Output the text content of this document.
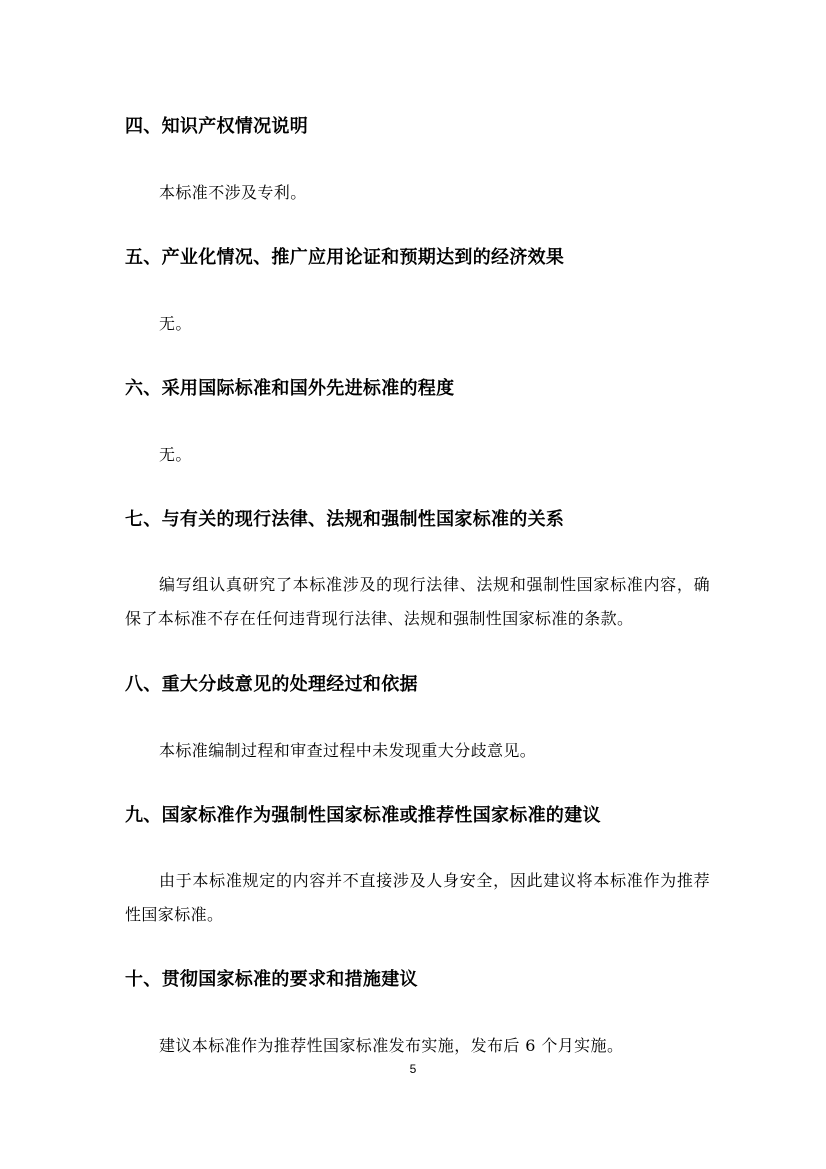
四、知识产权情况说明
本标准不涉及专利。
五、产业化情况、推广应用论证和预期达到的经济效果
无。
六、采用国际标准和国外先进标准的程度
无。
七、与有关的现行法律、法规和强制性国家标准的关系
编写组认真研究了本标准涉及的现行法律、法规和强制性国家标准内容，确保了本标准不存在任何违背现行法律、法规和强制性国家标准的条款。
八、重大分歧意见的处理经过和依据
本标准编制过程和审查过程中未发现重大分歧意见。
九、国家标准作为强制性国家标准或推荐性国家标准的建议
由于本标准规定的内容并不直接涉及人身安全，因此建议将本标准作为推荐性国家标准。
十、贯彻国家标准的要求和措施建议
建议本标准作为推荐性国家标准发布实施，发布后 6 个月实施。
5
